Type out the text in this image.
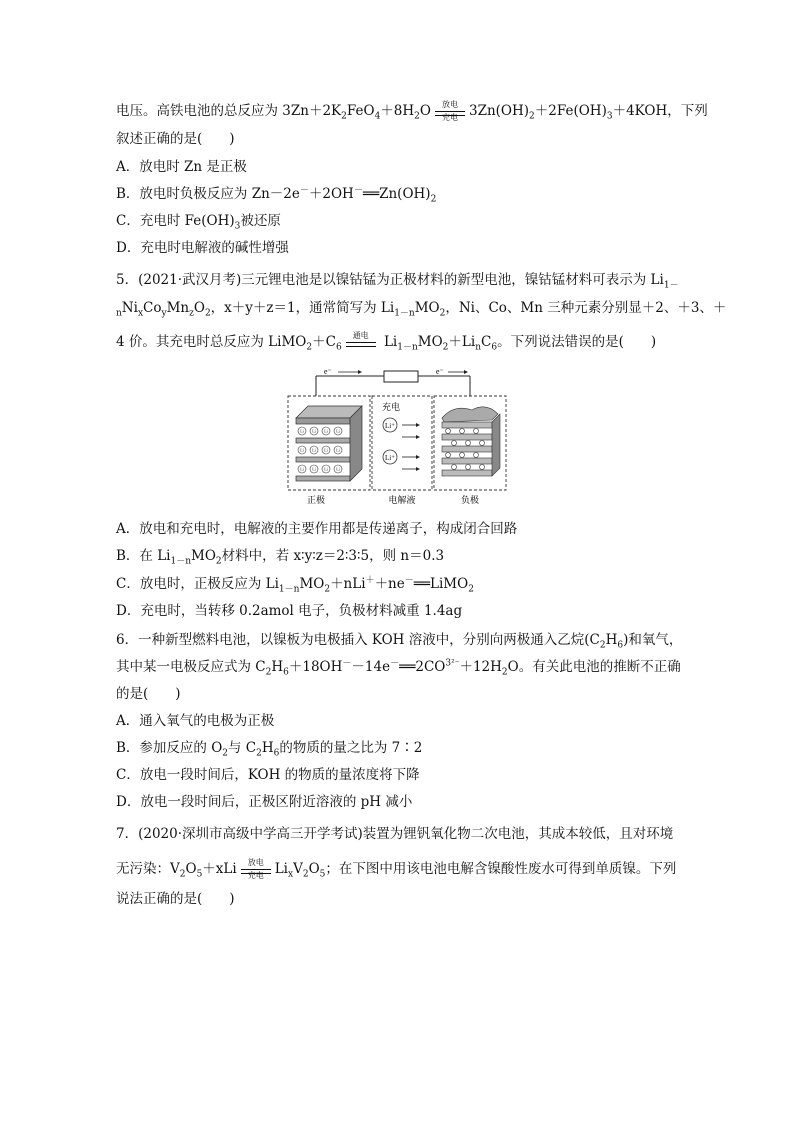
电压。高铁电池的总反应为 $3Zn+2K_2FeO_4+8H_2O$	放电
充电 $3Zn(OH)_2+2Fe(OH)_3+4KOH$，下列
叙述正确的是(　　)
A．放电时 Zn 是正极
B．放电时负极反应为 $Zn-2e^-+2OH^-══Zn(OH)_2$
C．充电时 $Fe(OH)_3$被还原
D．充电时电解液的碱性增强
5．(2021·武汉月考)三元锂电池是以镍钴锰为正极材料的新型电池，镍钴锰材料可表示为 $Li_{1-}$
$_nNi_xCo_yMn_zO_2$，x＋y＋z＝1，通常简写为 $Li_{1-n}MO_2$，Ni、Co、Mn 三种元素分别显＋2、＋3、＋
4 价。其充电时总反应为 $LiMO_2+C_6$
通电 $Li_{1-n}MO_2+Li_nC_6$。下列说法错误的是(　　)
e⁻	e⁻
Li Li Li Li
Li Li Li Li
Li Li Li Li
充电
Li⁺
Li⁺
正极	电解液	负极
A．放电和充电时，电解液的主要作用都是传递离子，构成闭合回路
B．在 $Li_{1-n}MO_2$材料中，若 x∶y∶z＝2∶3∶5，则 n＝0.3
C．放电时，正极反应为 $Li_{1-n}MO_2+nLi^++ne^-══LiMO_2$
D．充电时，当转移 0.2amol 电子，负极材料减重 1.4ag
6．一种新型燃料电池，以镍板为电极插入 KOH 溶液中，分别向两极通入乙烷$(C_2H_6)$和氧气，
其中某一电极反应式为 $C_2H_6+18OH^--14e^-══2CO^{3^{2-}}+12H_2O$。有关此电池的推断不正确
的是(　　)
A．通入氧气的电极为正极
B．参加反应的 $O_2$与 $C_2H_6$的物质的量之比为 7∶2
C．放电一段时间后，KOH 的物质的量浓度将下降
D．放电一段时间后，正极区附近溶液的 pH 减小
7．(2020·深圳市高级中学高三开学考试)装置为锂钒氧化物二次电池，其成本较低，且对环境
无污染：$V_2O_5+xLi$	放电
充电 $Li_xV_2O_5$；在下图中用该电池电解含镍酸性废水可得到单质镍。下列
说法正确的是(　　)
